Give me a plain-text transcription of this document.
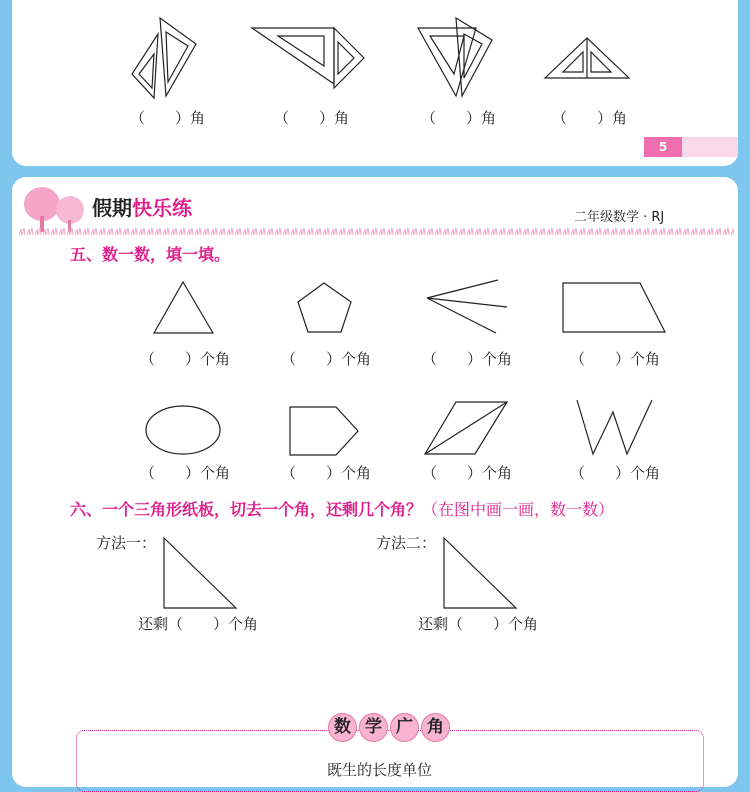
（　　）角	（　　）角	（　　）角	（　　）角
5
假期快乐练	二年级数学 · RJ
五、数一数，填一填。
（　　）个角	（　　）个角	（　　）个角	（　　）个角
（　　）个角	（　　）个角	（　　）个角	（　　）个角
六、一个三角形纸板，切去一个角，还剩几个角？（在图中画一画，数一数）
方法一：
还剩（　　）个角
方法二：
还剩（　　）个角
数 学 广 角
既生的长度单位
